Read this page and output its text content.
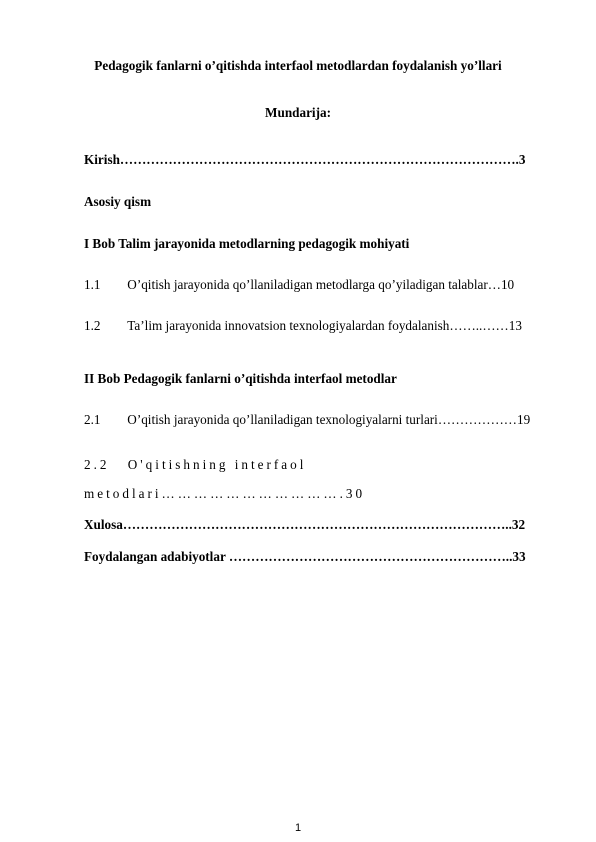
Pedagogik fanlarni o’qitishda interfaol metodlardan foydalanish yo’llari
Mundarija:
Kirish……………………………………………………………………………….3
Asosiy qism
I Bob Talim jarayonida metodlarning pedagogik mohiyati
1.1 O’qitish jarayonida qo’llaniladigan metodlarga qo’yiladigan talablar…10
1.2 Ta’lim jarayonida innovatsion texnologiyalardan foydalanish……..……13
II Bob Pedagogik fanlarni o’qitishda interfaol metodlar
2.1 O’qitish jarayonida qo’llaniladigan texnologiyalarni turlari………………19
2.2 O'qitishning interfaol
metodlari…………………………….30
Xulosa……………………………………………………………………………..32
Foydalangan adabiyotlar ………………………………………………………..33
1
